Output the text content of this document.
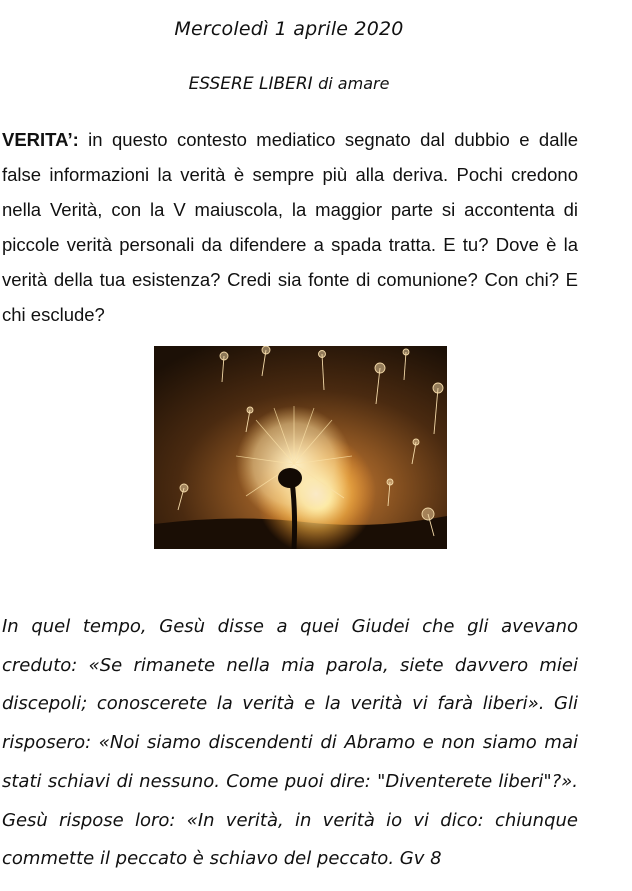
Mercoledì 1 aprile 2020
ESSERE LIBERI di amare
VERITA’: in questo contesto mediatico segnato dal dubbio e dalle false informazioni la verità è sempre più alla deriva. Pochi credono nella Verità, con la V maiuscola, la maggior parte si accontenta di piccole verità personali da difendere a spada tratta. E tu? Dove è la verità della tua esistenza? Credi sia fonte di comunione? Con chi? E chi esclude?
In quel tempo, Gesù disse a quei Giudei che gli avevano creduto: «Se rimanete nella mia parola, siete davvero miei discepoli; conoscerete la verità e la verità vi farà liberi». Gli risposero: «Noi siamo discendenti di Abramo e non siamo mai stati schiavi di nessuno. Come puoi dire: "Diventerete liberi"?». Gesù rispose loro: «In verità, in verità io vi dico: chiunque commette il peccato è schiavo del peccato. Gv 8
